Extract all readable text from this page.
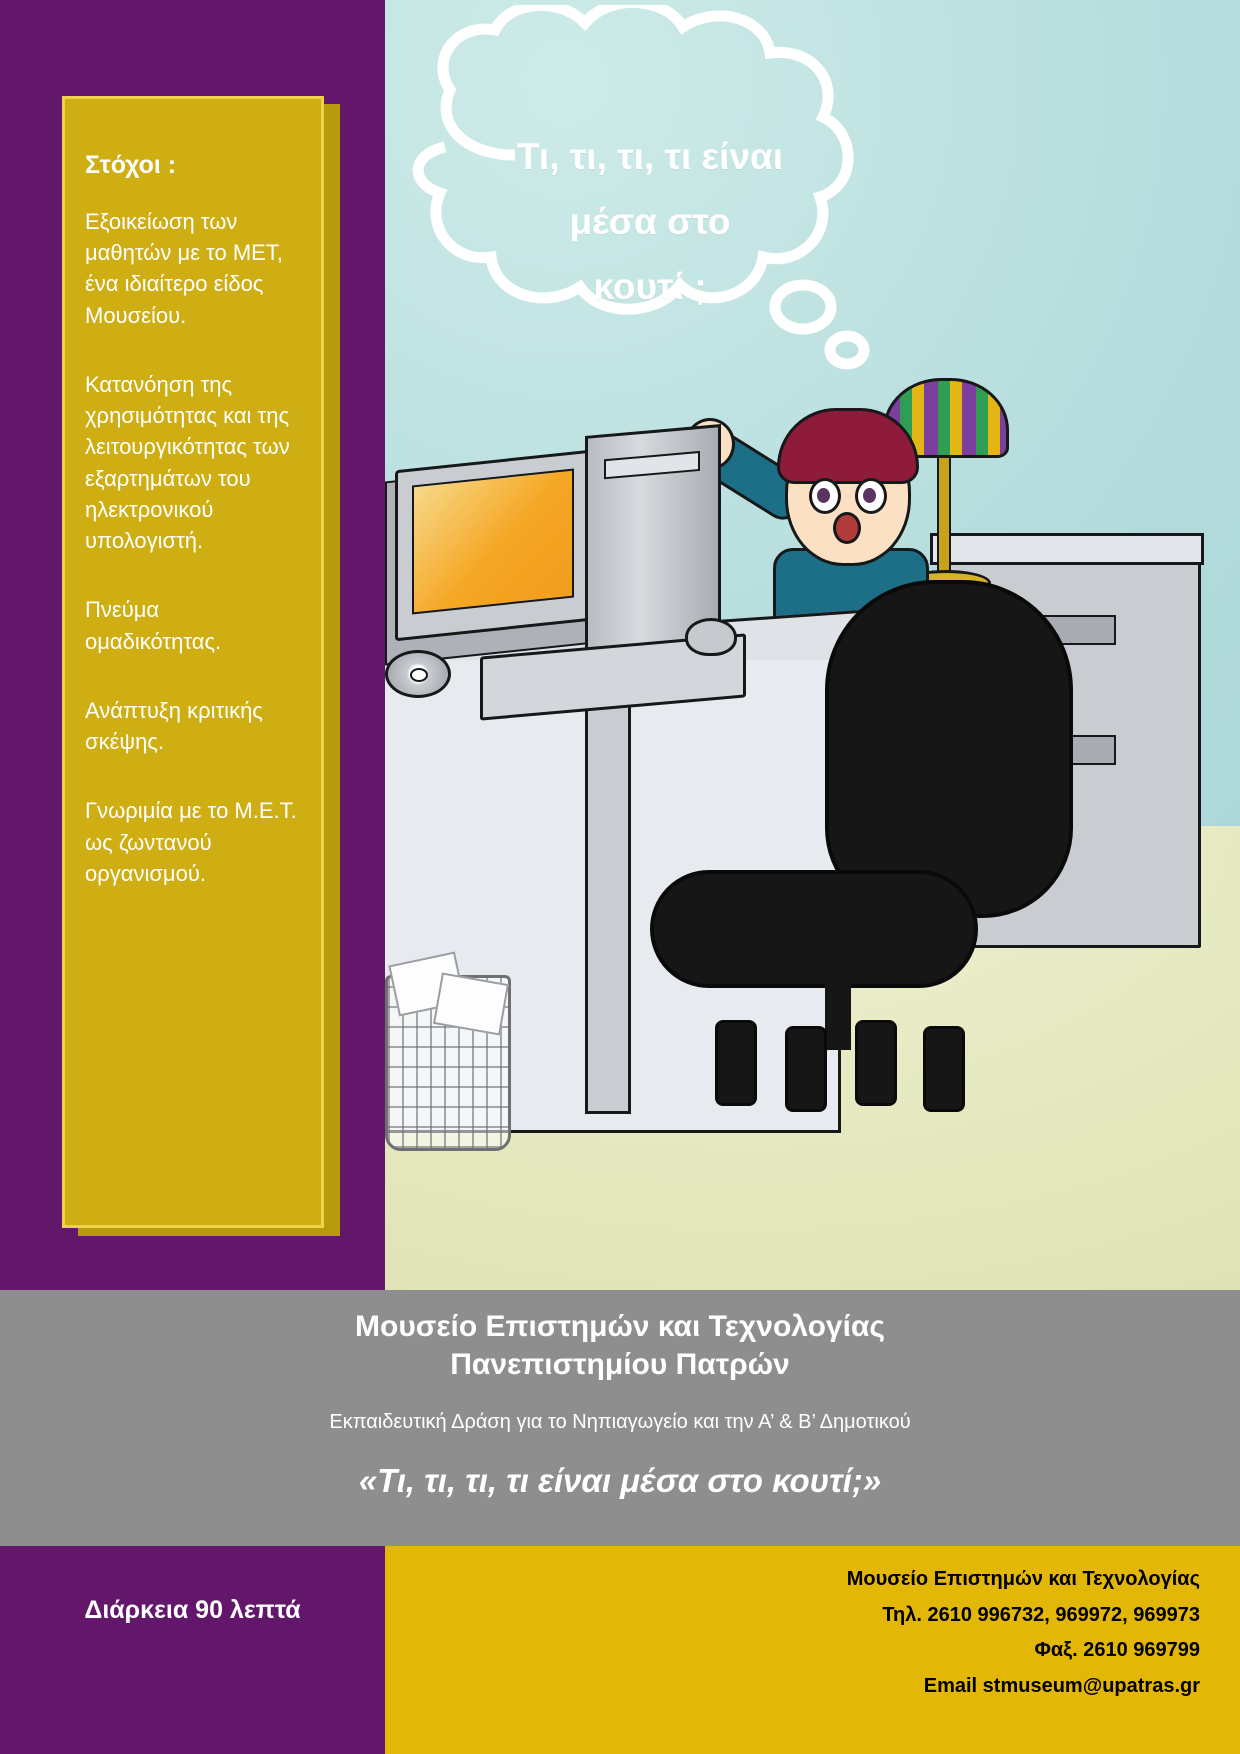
Τι, τι, τι, τι είναι
μέσα στο
κουτί ;
Στόχοι :
Εξοικείωση των μαθητών με το ΜΕΤ, ένα ιδιαίτερο είδος Μουσείου.
Κατανόηση της χρησιμότητας και της λειτουργικότητας των εξαρτημάτων του ηλεκτρονικού υπολογιστή.
Πνεύμα ομαδικότητας.
Ανάπτυξη κριτικής σκέψης.
Γνωριμία με το Μ.Ε.Τ. ως ζωντανού οργανισμού.
Μουσείο Επιστημών και Τεχνολογίας
Πανεπιστημίου Πατρών
Εκπαιδευτική Δράση για το Νηπιαγωγείο και την Α’ & Β’ Δημοτικού
«Τι, τι, τι, τι είναι μέσα στο κουτί;»
Διάρκεια 90 λεπτά
Μουσείο Επιστημών και Τεχνολογίας
Τηλ. 2610 996732, 969972, 969973
Φαξ. 2610 969799
Email stmuseum@upatras.gr
